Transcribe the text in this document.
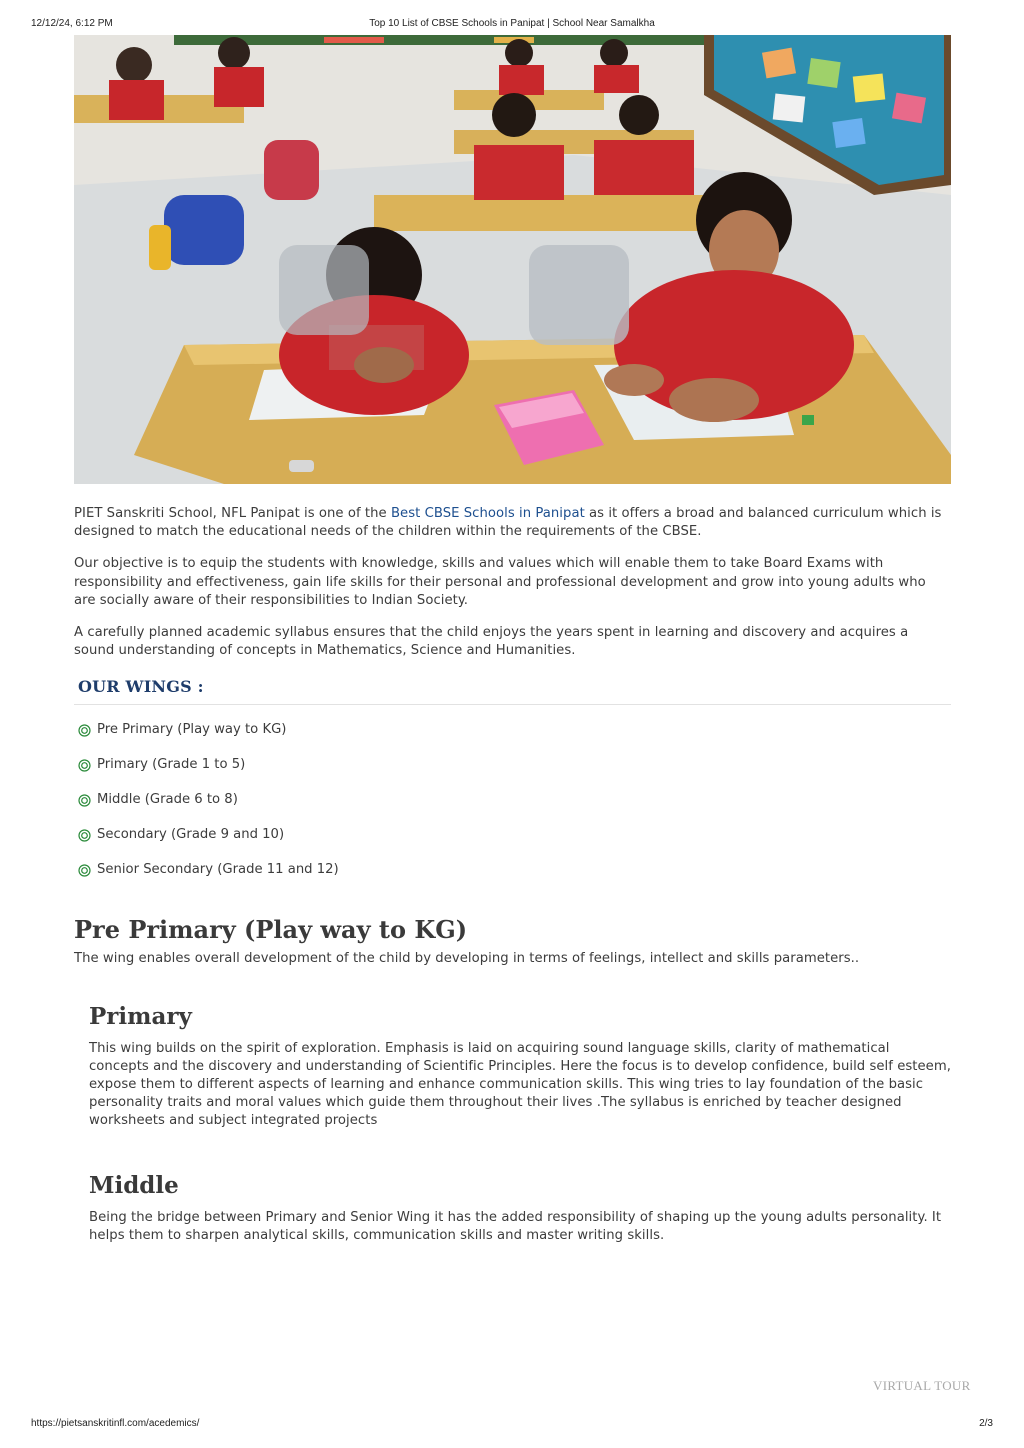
12/12/24, 6:12 PM	Top 10 List of CBSE Schools in Panipat | School Near Samalkha

PIET Sanskriti School, NFL Panipat is one of the Best CBSE Schools in Panipat as it offers a broad and balanced curriculum which is designed to match the educational needs of the children within the requirements of the CBSE.

Our objective is to equip the students with knowledge, skills and values which will enable them to take Board Exams with responsibility and effectiveness, gain life skills for their personal and professional development and grow into young adults who are socially aware of their responsibilities to Indian Society.

A carefully planned academic syllabus ensures that the child enjoys the years spent in learning and discovery and acquires a sound understanding of concepts in Mathematics, Science and Humanities.

OUR WINGS :
Pre Primary (Play way to KG)
Primary (Grade 1 to 5)
Middle (Grade 6 to 8)
Secondary (Grade 9 and 10)
Senior Secondary (Grade 11 and 12)
Pre Primary (Play way to KG)

The wing enables overall development of the child by developing in terms of feelings, intellect and skills parameters..

Primary

This wing builds on the spirit of exploration. Emphasis is laid on acquiring sound language skills, clarity of mathematical concepts and the discovery and understanding of Scientific Principles. Here the focus is to develop confidence, build self esteem, expose them to different aspects of learning and enhance communication skills. This wing tries to lay foundation of the basic personality traits and moral values which guide them throughout their lives .The syllabus is enriched by teacher designed worksheets and subject integrated projects

Middle

Being the bridge between Primary and Senior Wing it has the added responsibility of shaping up the young adults personality. It helps them to sharpen analytical skills, communication skills and master writing skills.

VIRTUAL TOUR
https://pietsanskritinfl.com/acedemics/	2/3
